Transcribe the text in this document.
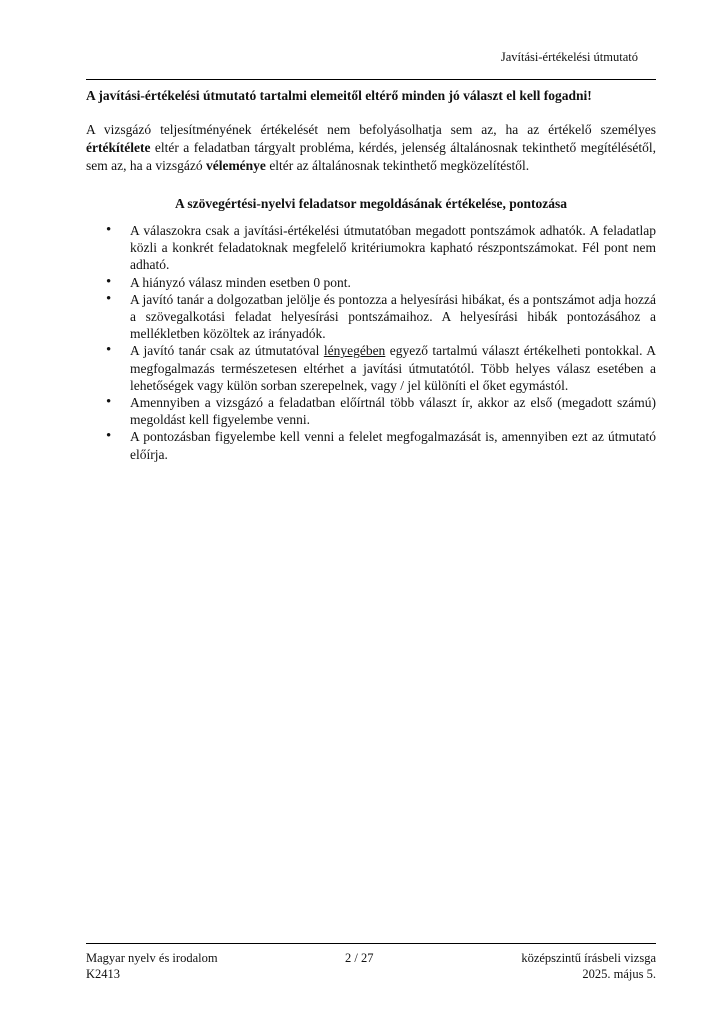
Javítási-értékelési útmutató
A javítási-értékelési útmutató tartalmi elemeitől eltérő minden jó választ el kell fogadni!
A vizsgázó teljesítményének értékelését nem befolyásolhatja sem az, ha az értékelő személyes értékítélete eltér a feladatban tárgyalt probléma, kérdés, jelenség általánosnak tekinthető megítélésétől, sem az, ha a vizsgázó véleménye eltér az általánosnak tekinthető megközelítéstől.
A szövegértési-nyelvi feladatsor megoldásának értékelése, pontozása
• A válaszokra csak a javítási-értékelési útmutatóban megadott pontszámok adhatók. A feladatlap közli a konkrét feladatoknak megfelelő kritériumokra kapható részpontszámokat. Fél pont nem adható.
• A hiányzó válasz minden esetben 0 pont.
• A javító tanár a dolgozatban jelölje és pontozza a helyesírási hibákat, és a pontszámot adja hozzá a szövegalkotási feladat helyesírási pontszámaihoz. A helyesírási hibák pontozásához a mellékletben közöltek az irányadók.
• A javító tanár csak az útmutatóval lényegében egyező tartalmú választ értékelheti pontokkal. A megfogalmazás természetesen eltérhet a javítási útmutatótól. Több helyes válasz esetében a lehetőségek vagy külön sorban szerepelnek, vagy / jel különíti el őket egymástól.
• Amennyiben a vizsgázó a feladatban előírtnál több választ ír, akkor az első (megadott számú) megoldást kell figyelembe venni.
• A pontozásban figyelembe kell venni a felelet megfogalmazását is, amennyiben ezt az útmutató előírja.
Magyar nyelv és irodalom
K2413
2 / 27	középszintű írásbeli vizsga
2025. május 5.
